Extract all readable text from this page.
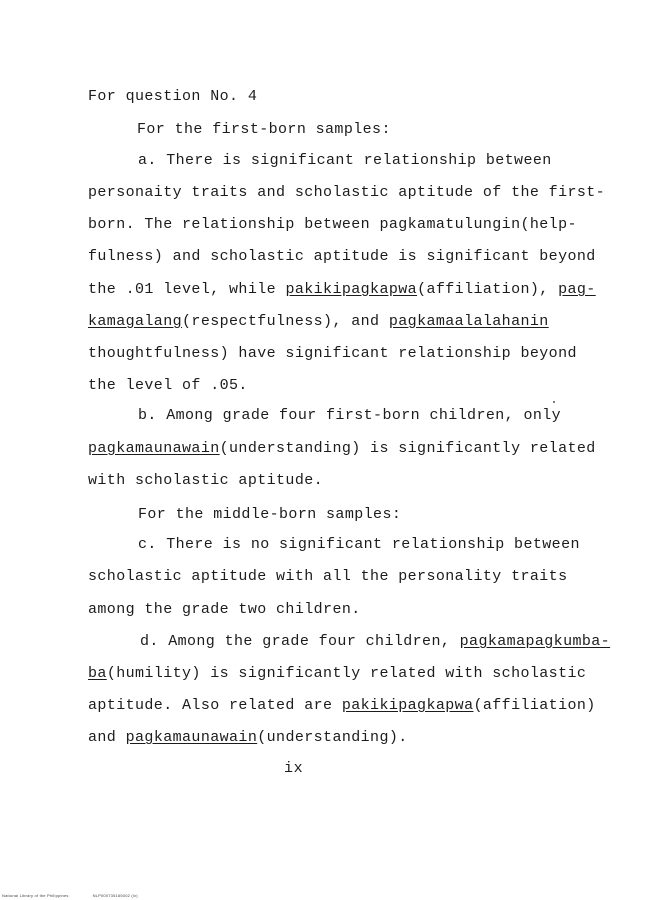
For question No. 4
For the first-born samples:
a. There is significant relationship between
personaity traits and scholastic aptitude of the first-
born. The relationship between pagkamatulungin(help-
fulness) and scholastic aptitude is significant beyond
the .01 level, while pakikipagkapwa(affiliation), pag-
kamagalang(respectfulness), and pagkamaalalahanin
thoughtfulness) have significant relationship beyond
the level of .05.
b. Among grade four first-born children, only
pagkamaunawain(understanding) is significantly related
with scholastic aptitude.
For the middle-born samples:
c. There is no significant relationship between
scholastic aptitude with all the personality traits
among the grade two children.
d. Among the grade four children, pagkamapagkumba-
ba(humility) is significantly related with scholastic
aptitude. Also related are pakikipagkapwa(affiliation)
and pagkamaunawain(understanding).
ix
National Library of the Philippines	NLP000735165002 (ix)
